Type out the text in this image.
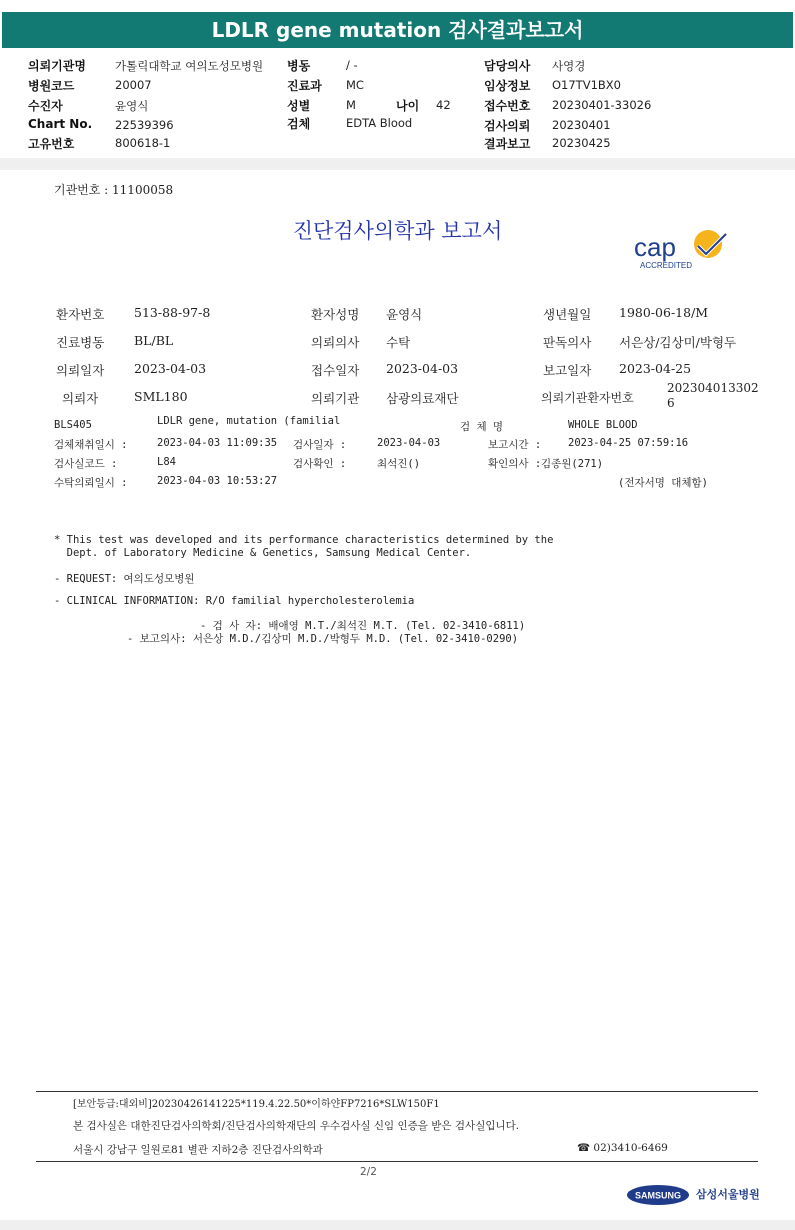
LDLR gene mutation 검사결과보고서
의뢰기관명	가톨릭대학교 여의도성모병원
병원코드	20007
수진자	윤영식
Chart No. 22539396
고유번호	800618-1
병동	/ -
진료과 MC
성별	M	나이 42
검체	EDTA Blood
담당의사 사영경
임상정보 O17TV1BX0
접수번호 20230401-33026
검사의뢰 20230401
결과보고 20230425
기관번호 : 11100058
진단검사의학과 보고서
cap
ACCREDITED
환자번호 513-88-97-8	환자성명 윤영식	생년월일 1980-06-18/M
진료병동 BL/BL	의뢰의사 수탁	판독의사 서은상/김상미/박형두
의뢰일자 2023-04-03	접수일자 2023-04-03	보고일자 2023-04-25
의뢰자	SML180	의뢰기관 삼광의료재단	의뢰기관환자번호
202304013302
6
BLS405	LDLR gene, mutation (familial	검 체 명	WHOLE BLOOD
검체채취일시 :	2023-04-03 11:09:35 검사일자 :	2023-04-03	보고시간 :	2023-04-25 07:59:16
검사실코드 :	L84	검사확인 :	최석진()	확인의사 : 김종원(271)
수탁의뢰일시 :	2023-04-03 10:53:27	(전자서명 대체함)
* This test was developed and its performance characteristics determined by the
Dept. of Laboratory Medicine & Genetics, Samsung Medical Center.
- REQUEST: 여의도성모병원
- CLINICAL INFORMATION: R/O familial hypercholesterolemia
- 검 사 자: 배애영 M.T./최석진 M.T. (Tel. 02-3410-6811)
- 보고의사: 서은상 M.D./김상미 M.D./박형두 M.D. (Tel. 02-3410-0290)
[보안등급:대외비]20230426141225*119.4.22.50*이하얀FP7216*SLW150F1
본 검사실은 대한진단검사의학회/진단검사의학재단의 우수검사실 신임 인증을 받은 검사실입니다.
서울시 강남구 일원로81 별관 지하2층 진단검사의학과	☎ 02)3410-6469
2/2
SAMSUNG 삼성서울병원
